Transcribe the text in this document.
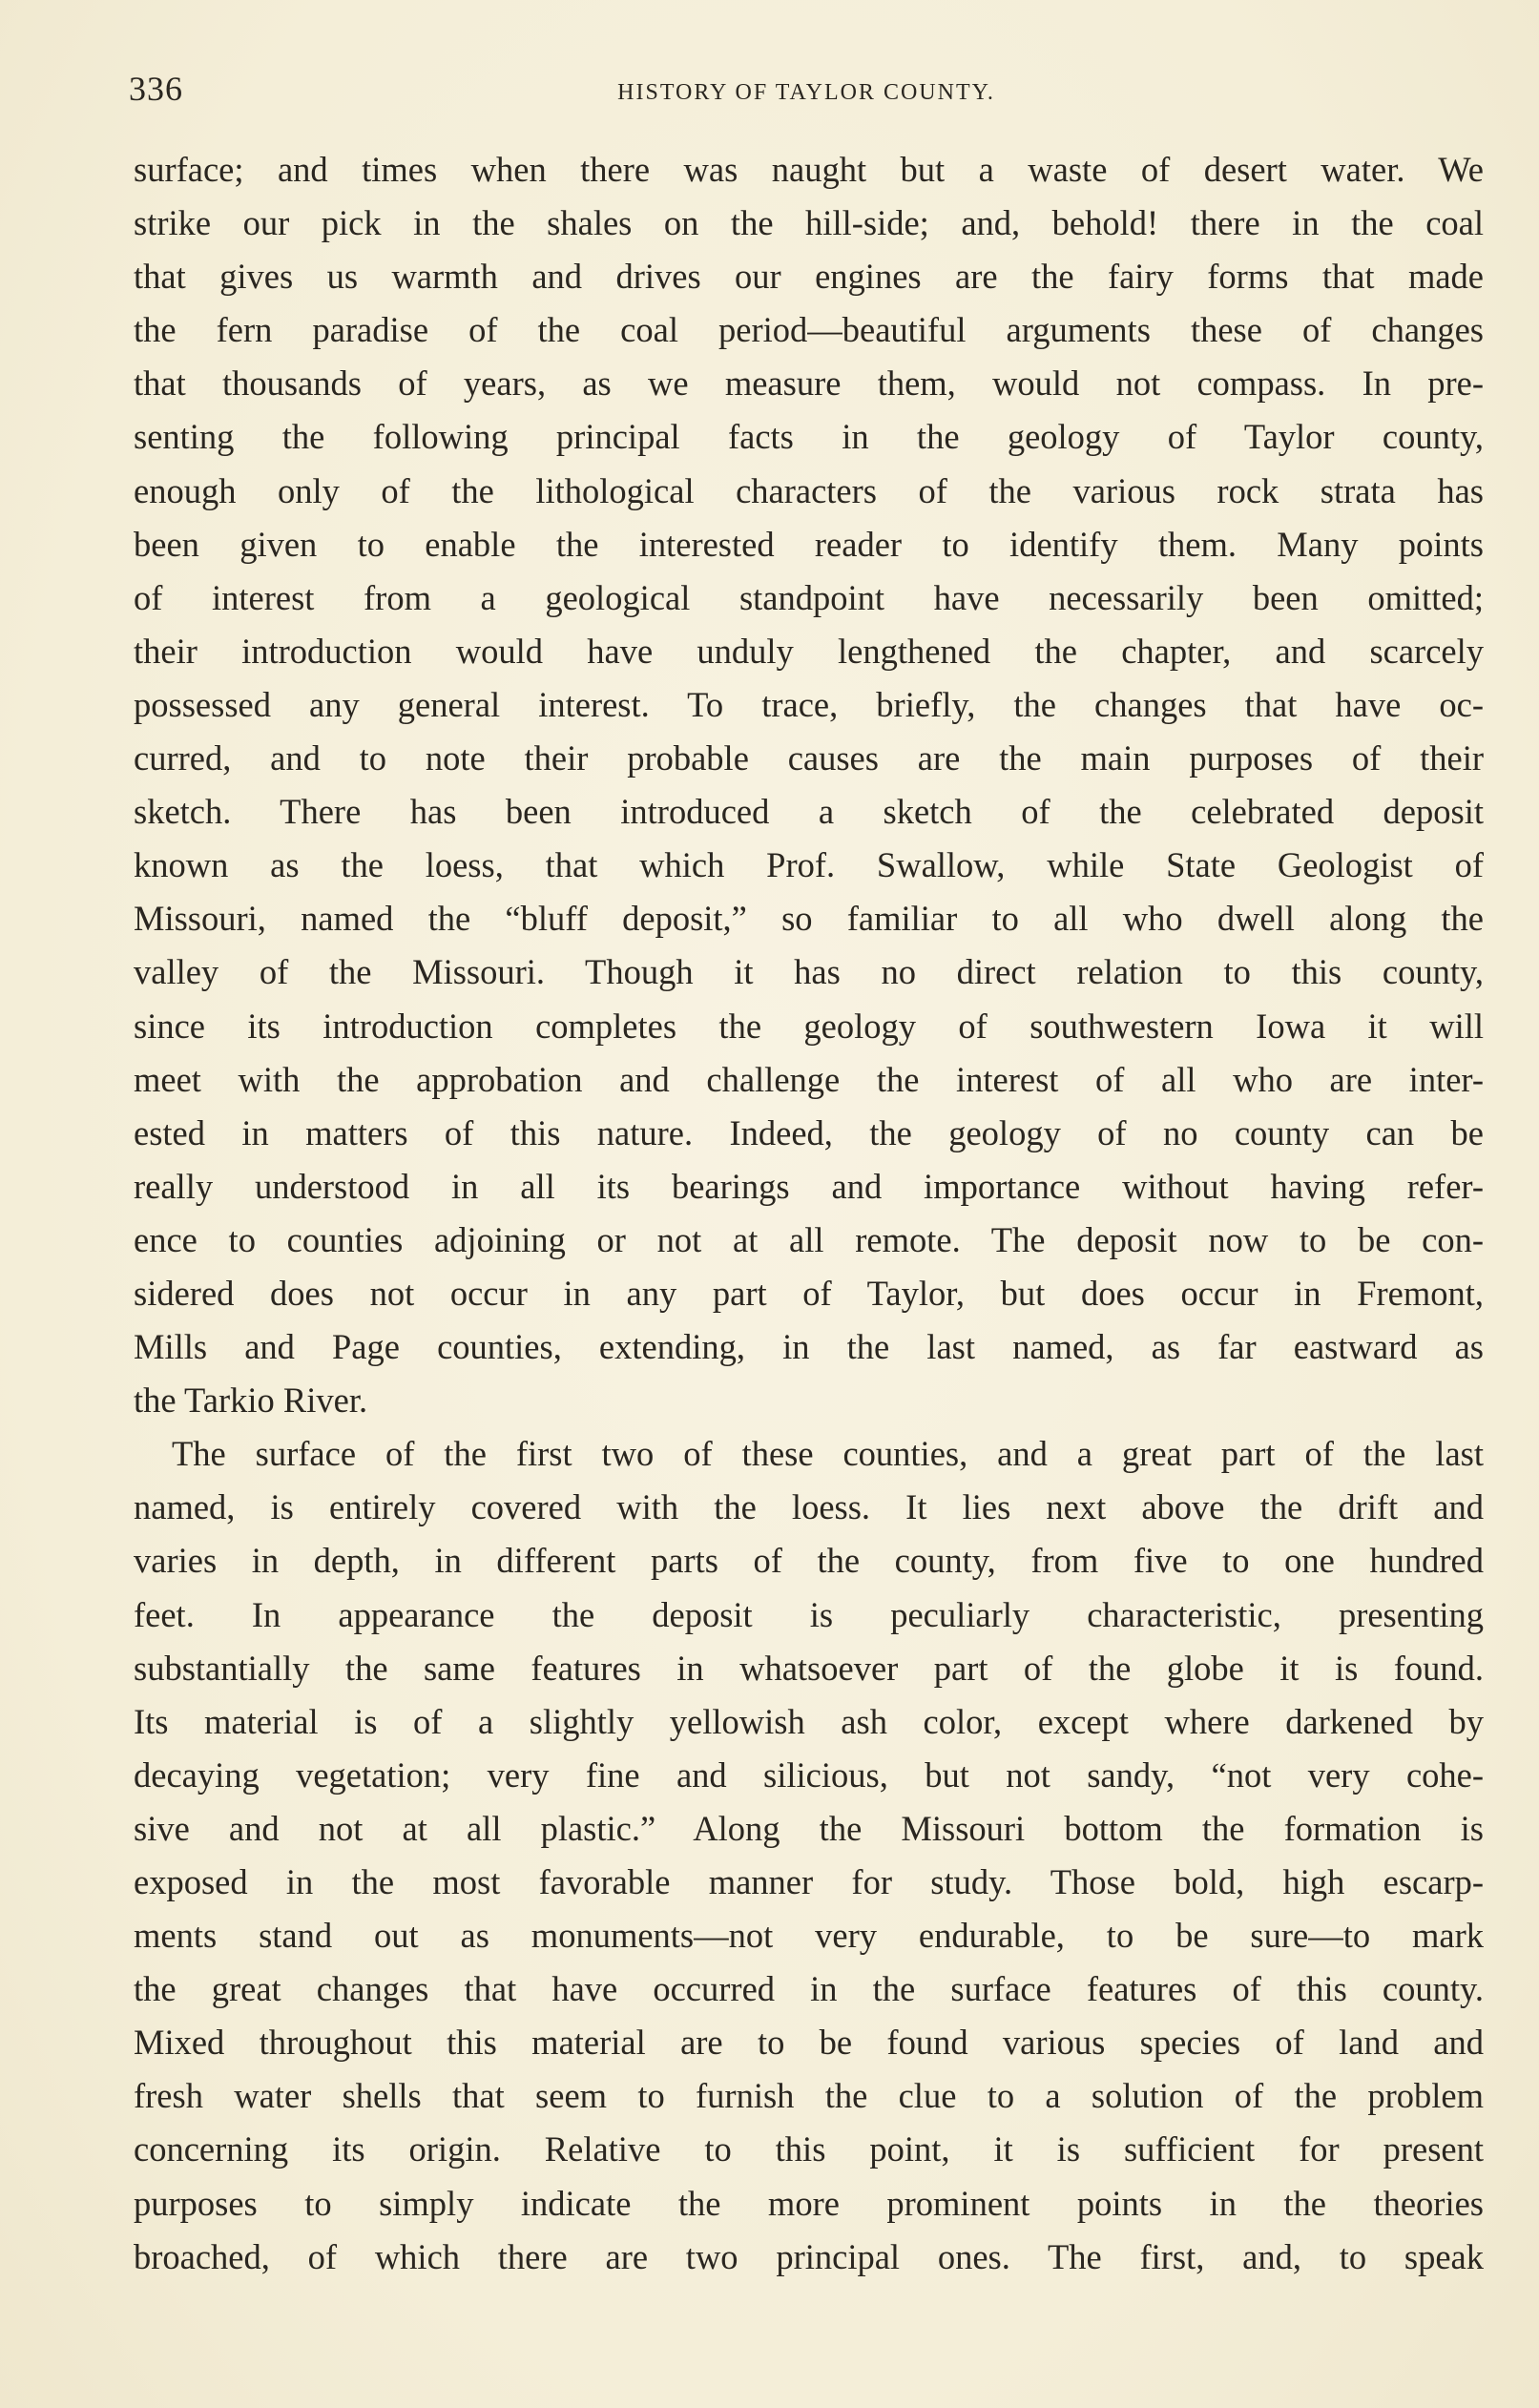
336	HISTORY OF TAYLOR COUNTY.
surface; and times when there was naught but a waste of desert water. We
strike our pick in the shales on the hill-side; and, behold! there in the coal
that gives us warmth and drives our engines are the fairy forms that made
the fern paradise of the coal period—beautiful arguments these of changes
that thousands of years, as we measure them, would not compass. In pre-
senting the following principal facts in the geology of Taylor county,
enough only of the lithological characters of the various rock strata has
been given to enable the interested reader to identify them. Many points
of interest from a geological standpoint have necessarily been omitted;
their introduction would have unduly lengthened the chapter, and scarcely
possessed any general interest. To trace, briefly, the changes that have oc-
curred, and to note their probable causes are the main purposes of their
sketch. There has been introduced a sketch of the celebrated deposit
known as the loess, that which Prof. Swallow, while State Geologist of
Missouri, named the “bluff deposit,” so familiar to all who dwell along the
valley of the Missouri. Though it has no direct relation to this county,
since its introduction completes the geology of southwestern Iowa it will
meet with the approbation and challenge the interest of all who are inter-
ested in matters of this nature. Indeed, the geology of no county can be
really understood in all its bearings and importance without having refer-
ence to counties adjoining or not at all remote. The deposit now to be con-
sidered does not occur in any part of Taylor, but does occur in Fremont,
Mills and Page counties, extending, in the last named, as far eastward as
the Tarkio River.
The surface of the first two of these counties, and a great part of the last
named, is entirely covered with the loess. It lies next above the drift and
varies in depth, in different parts of the county, from five to one hundred
feet. In appearance the deposit is peculiarly characteristic, presenting
substantially the same features in whatsoever part of the globe it is found.
Its material is of a slightly yellowish ash color, except where darkened by
decaying vegetation; very fine and silicious, but not sandy, “not very cohe-
sive and not at all plastic.” Along the Missouri bottom the formation is
exposed in the most favorable manner for study. Those bold, high escarp-
ments stand out as monuments—not very endurable, to be sure—to mark
the great changes that have occurred in the surface features of this county.
Mixed throughout this material are to be found various species of land and
fresh water shells that seem to furnish the clue to a solution of the problem
concerning its origin. Relative to this point, it is sufficient for present
purposes to simply indicate the more prominent points in the theories
broached, of which there are two principal ones. The first, and, to speak
